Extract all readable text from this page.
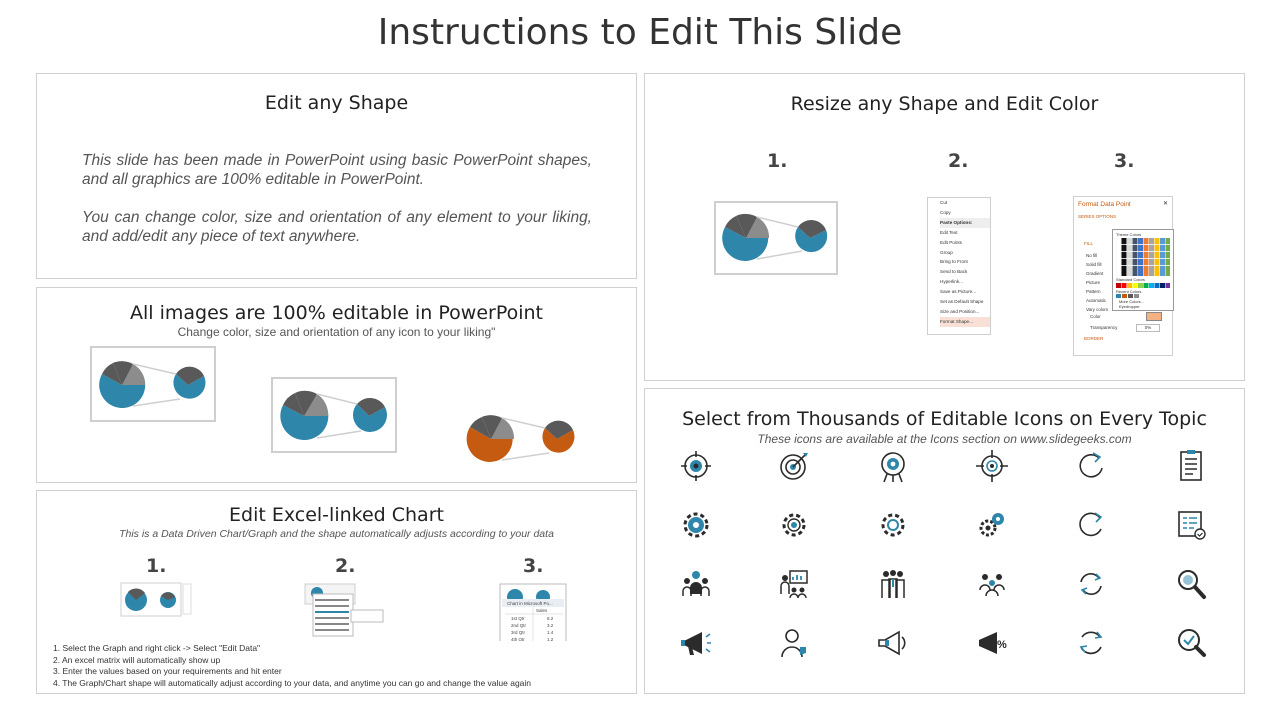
Instructions to Edit This Slide
Edit any Shape
This slide has been made in PowerPoint using basic PowerPoint shapes, and all graphics are 100% editable in PowerPoint.
You can change color, size and orientation of any element to your liking, and add/edit any piece of text anywhere.
All images are 100% editable in PowerPoint
Change color, size and orientation of any icon to your liking"
Edit Excel-linked Chart
This is a Data Driven Chart/Graph and the shape automatically adjusts according to your data
1.	2.	3.
Chart in Microsoft Po...
Sales
1st Qtr	8.2
2nd Qtr	3.2
3rd Qtr	1.4
4th Qtr	1.2
1. Select the Graph and right click -> Select "Edit Data"
2. An excel matrix will automatically show up
3. Enter the values based on your requirements and hit enter
4. The Graph/Chart shape will automatically adjust according to your data, and anytime you can go and change the value again
Resize any Shape and Edit Color
1.	2.	3.
Cut
Copy
Paste Options:
Edit Text
Edit Points
Group
Bring to Front
Send to Back
Hyperlink...
Save as Picture...
Set as Default Shape
Size and Position...
Format Shape...
Format Data Point	✕
SERIES OPTIONS
FILL
No fill
Solid fill
Gradient
Picture
Pattern
Automatic
Vary colors
Color
Transparency	0%
BORDER
Theme Colors
Standard Colors
Recent Colors
More Colors...
Eyedropper
Select from Thousands of Editable Icons on Every Topic
These icons are available at the Icons section on www.slidegeeks.com
%
